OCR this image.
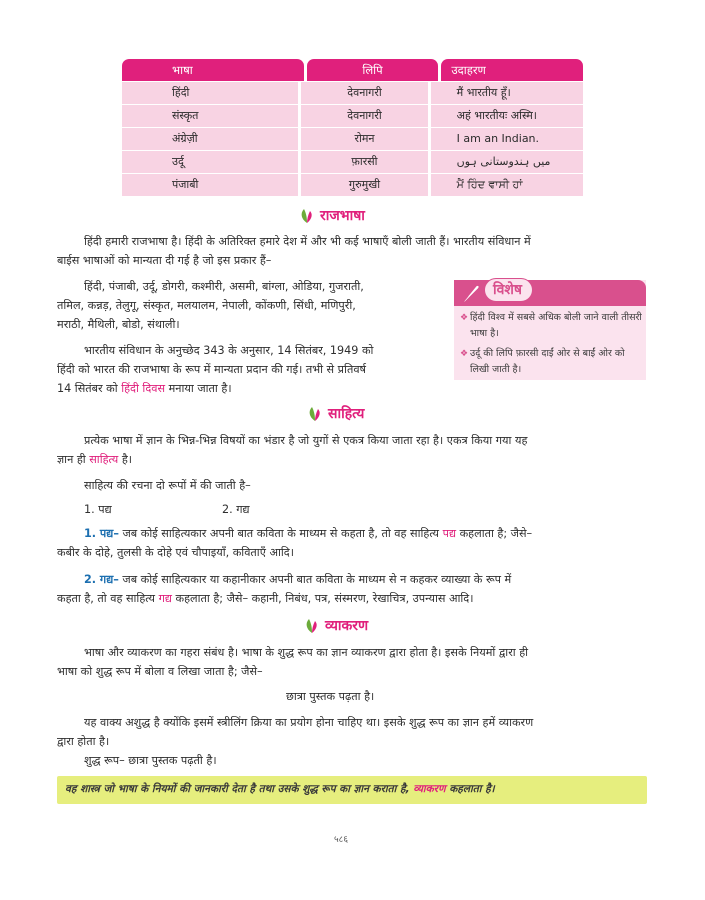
भाषा	लिपि	उदाहरण
हिंदी	देवनागरी	मैं भारतीय हूँ।
संस्कृत	देवनागरी	अहं भारतीयः अस्मि।
अंग्रेज़ी	रोमन	I am an Indian.
उर्दू	फ़ारसी	میں ہندوستانی ہوں
पंजाबी	गुरुमुखी	ਮੈਂ ਹਿੰਦ ਵਾਸੀ ਹਾਂ
राजभाषा
हिंदी हमारी राजभाषा है। हिंदी के अतिरिक्त हमारे देश में और भी कई भाषाएँ बोली जाती हैं। भारतीय संविधान में
बाईस भाषाओं को मान्यता दी गई है जो इस प्रकार हैं–
हिंदी, पंजाबी, उर्दू, डोगरी, कश्मीरी, असमी, बांग्ला, ओडिया, गुजराती,
तमिल, कन्नड़, तेलुगू, संस्कृत, मलयालम, नेपाली, कोंकणी, सिंधी, मणिपुरी,
मराठी, मैथिली, बोडो, संथाली।
भारतीय संविधान के अनुच्छेद 343 के अनुसार, 14 सितंबर, 1949 को
हिंदी को भारत की राजभाषा के रूप में मान्यता प्रदान की गई। तभी से प्रतिवर्ष
14 सितंबर को हिंदी दिवस मनाया जाता है।
विशेष
❖ हिंदी विश्व में सबसे अधिक बोली जाने वाली तीसरी भाषा है।
❖ उर्दू की लिपि फ़ारसी दाईं ओर से बाईं ओर को लिखी जाती है।
साहित्य
प्रत्येक भाषा में ज्ञान के भिन्न-भिन्न विषयों का भंडार है जो युगों से एकत्र किया जाता रहा है। एकत्र किया गया यह
ज्ञान ही साहित्य है।
साहित्य की रचना दो रूपों में की जाती है–
1. पद्य	2. गद्य
1. पद्य– जब कोई साहित्यकार अपनी बात कविता के माध्यम से कहता है, तो वह साहित्य पद्य कहलाता है; जैसे–
कबीर के दोहे, तुलसी के दोहे एवं चौपाइयाँ, कविताएँ आदि।
2. गद्य– जब कोई साहित्यकार या कहानीकार अपनी बात कविता के माध्यम से न कहकर व्याख्या के रूप में
कहता है, तो वह साहित्य गद्य कहलाता है; जैसे– कहानी, निबंध, पत्र, संस्मरण, रेखाचित्र, उपन्यास आदि।
व्याकरण
भाषा और व्याकरण का गहरा संबंध है। भाषा के शुद्ध रूप का ज्ञान व्याकरण द्वारा होता है। इसके नियमों द्वारा ही
भाषा को शुद्ध रूप में बोला व लिखा जाता है; जैसे–
छात्रा पुस्तक पढ़ता है।
यह वाक्य अशुद्ध है क्योंकि इसमें स्त्रीलिंग क्रिया का प्रयोग होना चाहिए था। इसके शुद्ध रूप का ज्ञान हमें व्याकरण
द्वारा होता है।
शुद्ध रूप– छात्रा पुस्तक पढ़ती है।
वह शास्त्र जो भाषा के नियमों की जानकारी देता है तथा उसके शुद्ध रूप का ज्ञान कराता है, व्याकरण कहलाता है।
५८६
